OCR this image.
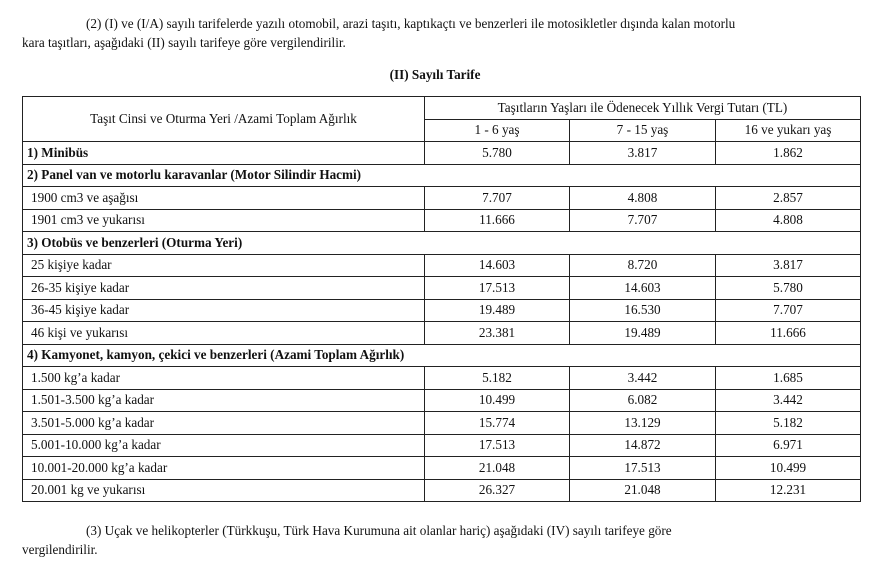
(2) (I) ve (I/A) sayılı tarifelerde yazılı otomobil, arazi taşıtı, kaptıkaçtı ve benzerleri ile motosikletler dışında kalan motorlu
kara taşıtları, aşağıdaki (II) sayılı tarifeye göre vergilendirilir.

(II) Sayılı Tarife
Taşıt Cinsi ve Oturma Yeri /Azami Toplam Ağırlık	Taşıtların Yaşları ile Ödenecek Yıllık Vergi Tutarı (TL)		
	1 - 6 yaş	7 - 15 yaş	16 ve yukarı yaş
1) Minibüs	5.780	3.817	1.862
2) Panel van ve motorlu karavanlar (Motor Silindir Hacmi)			
1900 cm3 ve aşağısı	7.707	4.808	2.857
1901 cm3 ve yukarısı	11.666	7.707	4.808
3) Otobüs ve benzerleri (Oturma Yeri)			
25 kişiye kadar	14.603	8.720	3.817
26-35 kişiye kadar	17.513	14.603	5.780
36-45 kişiye kadar	19.489	16.530	7.707
46 kişi ve yukarısı	23.381	19.489	11.666
4) Kamyonet, kamyon, çekici ve benzerleri (Azami Toplam Ağırlık)			
1.500 kg’a kadar	5.182	3.442	1.685
1.501-3.500 kg’a kadar	10.499	6.082	3.442
3.501-5.000 kg’a kadar	15.774	13.129	5.182
5.001-10.000 kg’a kadar	17.513	14.872	6.971
10.001-20.000 kg’a kadar	21.048	17.513	10.499
20.001 kg ve yukarısı	26.327	21.048	12.231

(3) Uçak ve helikopterler (Türkkuşu, Türk Hava Kurumuna ait olanlar hariç) aşağıdaki (IV) sayılı tarifeye göre
vergilendirilir.
